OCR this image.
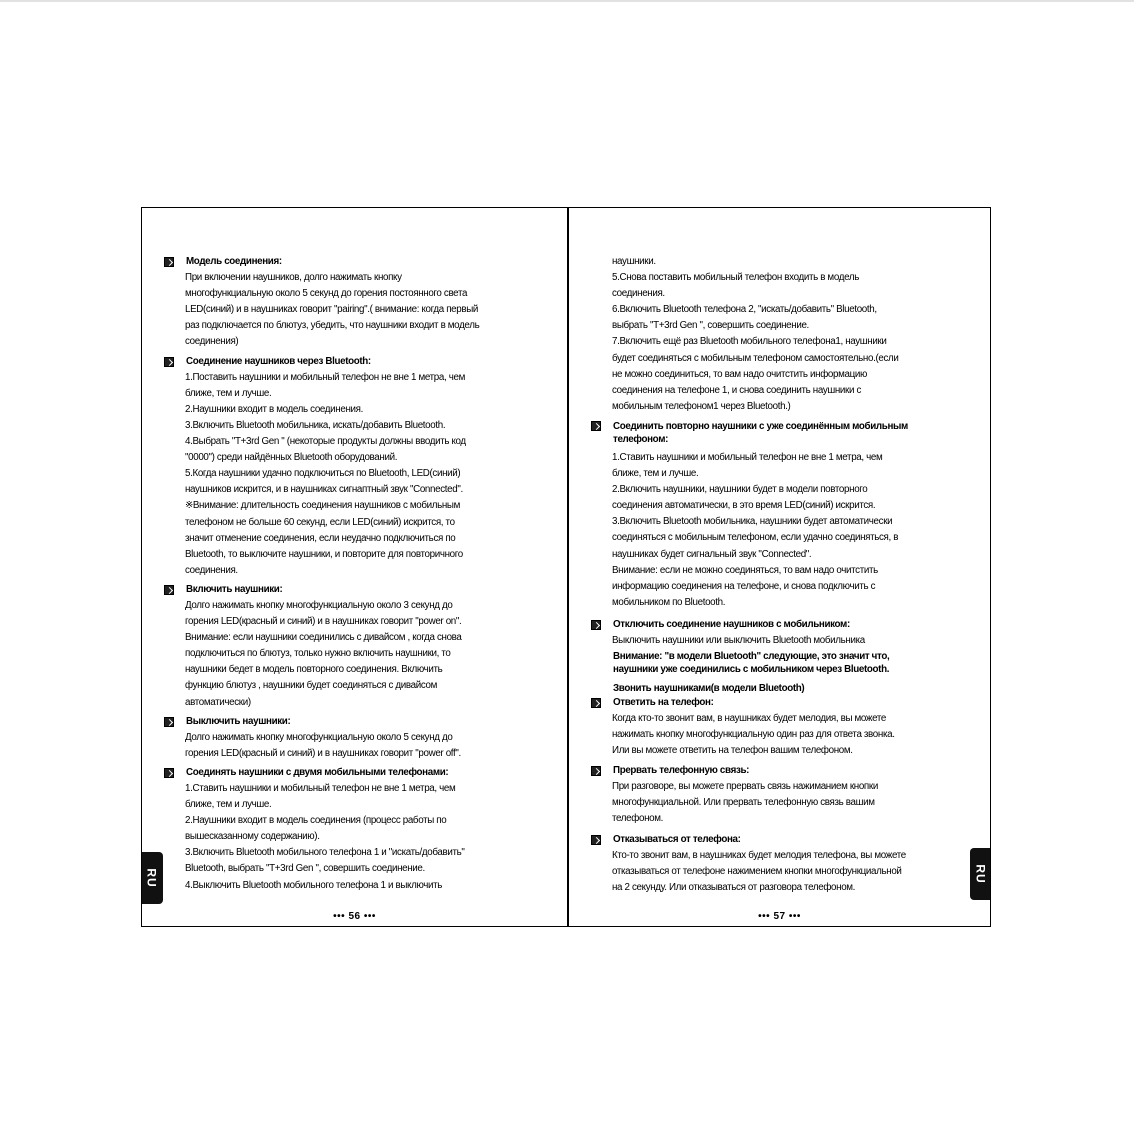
Модель соединения:

При включении наушников, долго нажимать кнопку

многофункциальную около 5 секунд до горения постоянного света

LED(синий) и в наушниках говорит "pairing".( внимание: когда первый

раз подключается по блютуз, убедить, что наушники входит в модель

соединения)

Соединение наушников через Bluetooth:

1.Поставить наушники и мобильный телефон не вне 1 метра, чем

ближе, тем и лучше.

2.Наушники входит в модель соединения.

3.Включить Bluetooth мобильника, искать/добавить Bluetooth.

4.Выбрать "T+3rd Gen " (некоторые продукты должны вводить код

"0000") среди найдённых Bluetooth оборудований.

5.Когда наушники удачно подключиться по Bluetooth, LED(синий)

наушников искрится, и в наушниках сигнаптный звук "Connected".

※Внимание: длительность соединения наушников с мобильным

телефоном не больше 60 секунд, если LED(синий) искрится, то

значит отменение соединения, если неудачно подключиться по

Bluetooth, то выключите наушники, и повторите для повторичного

соединения.

Включить наушники:

Долго нажимать кнопку многофункциальную около 3 секунд до

горения LED(красный и синий) и в наушниках говорит "power on".

Внимание: если наушники соединились с дивайсом , когда снова

подключиться по блютуз, только нужно включить наушники, то

наушники бедет в модель повторного соединения. Включить

функцию блютуз , наушники будет соединяться с дивайсом

автоматически)

Выключить наушники:

Долго нажимать кнопку многофункциальную около 5 секунд до

горения LED(красный и синий) и в наушниках говорит "power off".

Соединять наушники с двумя мобильными телефонами:

1.Ставить наушники и мобильный телефон не вне 1 метра, чем

ближе, тем и лучше.

2.Наушники входит в модель соединения (процесс работы по

вышесказанному содержанию).

3.Включить Bluetooth мобильного телефона 1 и "искать/добавить"

Bluetooth, выбрать "T+3rd Gen ", совершить соединение.

4.Выключить Bluetooth мобильного телефона 1 и выключить

RU
••• 56 •••

наушники.

5.Снова поставить мобильный телефон входить в модель

соединения.

6.Включить Bluetooth телефона 2, "искать/добавить" Bluetooth,

выбрать "T+3rd Gen ", совершить соединение.

7.Включить ещё раз Bluetooth мобильного телефона1, наушники

будет соединяться с мобильным телефоном самостоятельно.(если

не можно соединиться, то вам надо очитстить информацию

соединения на телефоне 1, и снова соединить наушники с

мобильным телефоном1 через Bluetooth.)

Соединить повторно наушники с уже соединённым мобильным
телефоном:

1.Ставить наушники и мобильный телефон не вне 1 метра, чем

ближе, тем и лучше.

2.Включить наушники, наушники будет в модели повторного

соединения автоматически, в это время LED(синий) искрится.

3.Включить Bluetooth мобильника, наушники будет автоматически

соединяться с мобильным телефоном, если удачно соединяться, в

наушниках будет сигнальный звук "Connected".

Внимание: если не можно соединяться, то вам надо очитстить

информацию соединения на телефоне, и снова подключить с

мобильником по Bluetooth.

Отключить соединение наушников с мобильником:

Выключить наушники или выключить Bluetooth мобильника

Внимание: "в модели Bluetooth" следующие, это значит что,
наушники уже соединились с мобильником через Bluetooth.
Звонить наушниками(в модели Bluetooth)
Ответить на телефон:

Когда кто-то звонит вам, в наушниках будет мелодия, вы можете

нажимать кнопку многофункциальную один раз для ответа звонка.

Или вы можете ответить на телефон вашим телефоном.

Прервать телефонную связь:

При разговоре, вы можете прервать связь нажиманием кнопки

многофункциальной. Или прервать телефонную связь вашим

телефоном.

Отказываться от телефона:

Кто-то звонит вам, в наушниках будет мелодия телефона, вы можете

отказываться от телефоне нажимением кнопки многофункциальной

на 2 секунду. Или отказываться от разговора телефоном.

RU
••• 57 •••
